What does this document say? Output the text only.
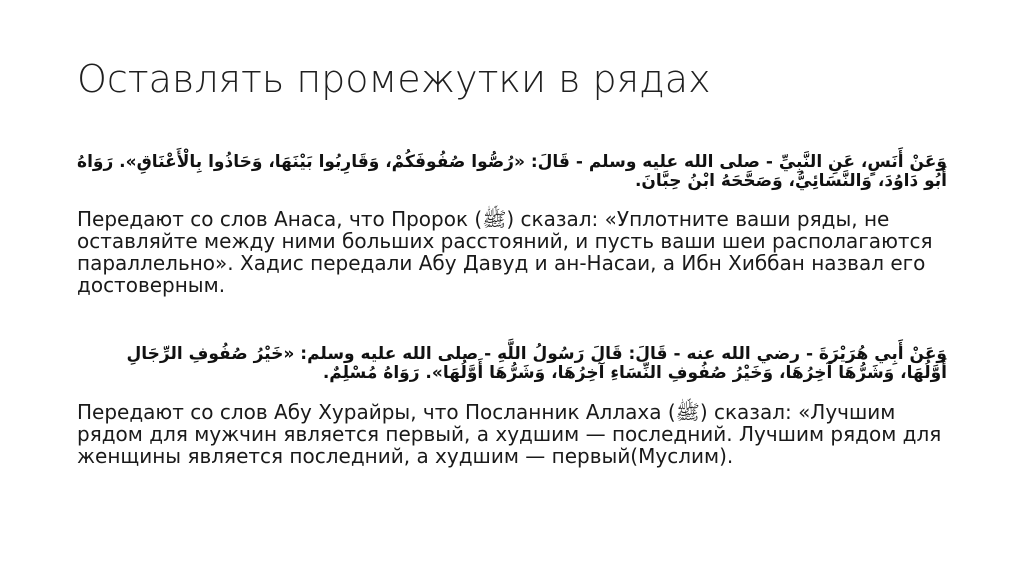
Оставлять промежутки в рядах
وَعَنْ أَنَسٍ، عَنِ النَّبِيِّ - صلى الله عليه وسلم - قَالَ: «رُصُّوا صُفُوفَكُمْ، وَقَارِبُوا بَيْنَهَا، وَحَاذُوا بِالْأَعْنَاقِ». رَوَاهُ أَبُو دَاوُدَ، وَالنَّسَائِيُّ، وَصَحَّحَهُ ابْنُ حِبَّانَ.
Передают со слов Анаса, что Пророк (ﷺ) сказал: «Уплотните ваши ряды, не оставляйте между ними больших расстояний, и пусть ваши шеи располагаются параллельно». Хадис передали Абу Давуд и ан-Насаи, а Ибн Хиббан назвал его достоверным.
وَعَنْ أَبِي هُرَيْرَةَ - رضي الله عنه - قَالَ: قَالَ رَسُولُ اللَّهِ - صلى الله عليه وسلم: «خَيْرُ صُفُوفِ الرِّجَالِ أَوَّلُهَا، وَشَرُّهَا آخِرُهَا، وَخَيْرُ صُفُوفِ النِّسَاءِ آخِرُهَا، وَشَرُّهَا أَوَّلُهَا». رَوَاهُ مُسْلِمٌ.
Передают со слов Абу Хурайры, что Посланник Аллаха (ﷺ) сказал: «Лучшим рядом для мужчин является первый, а худшим — последний. Лучшим рядом для женщины является последний, а худшим — первый(Муслим).
